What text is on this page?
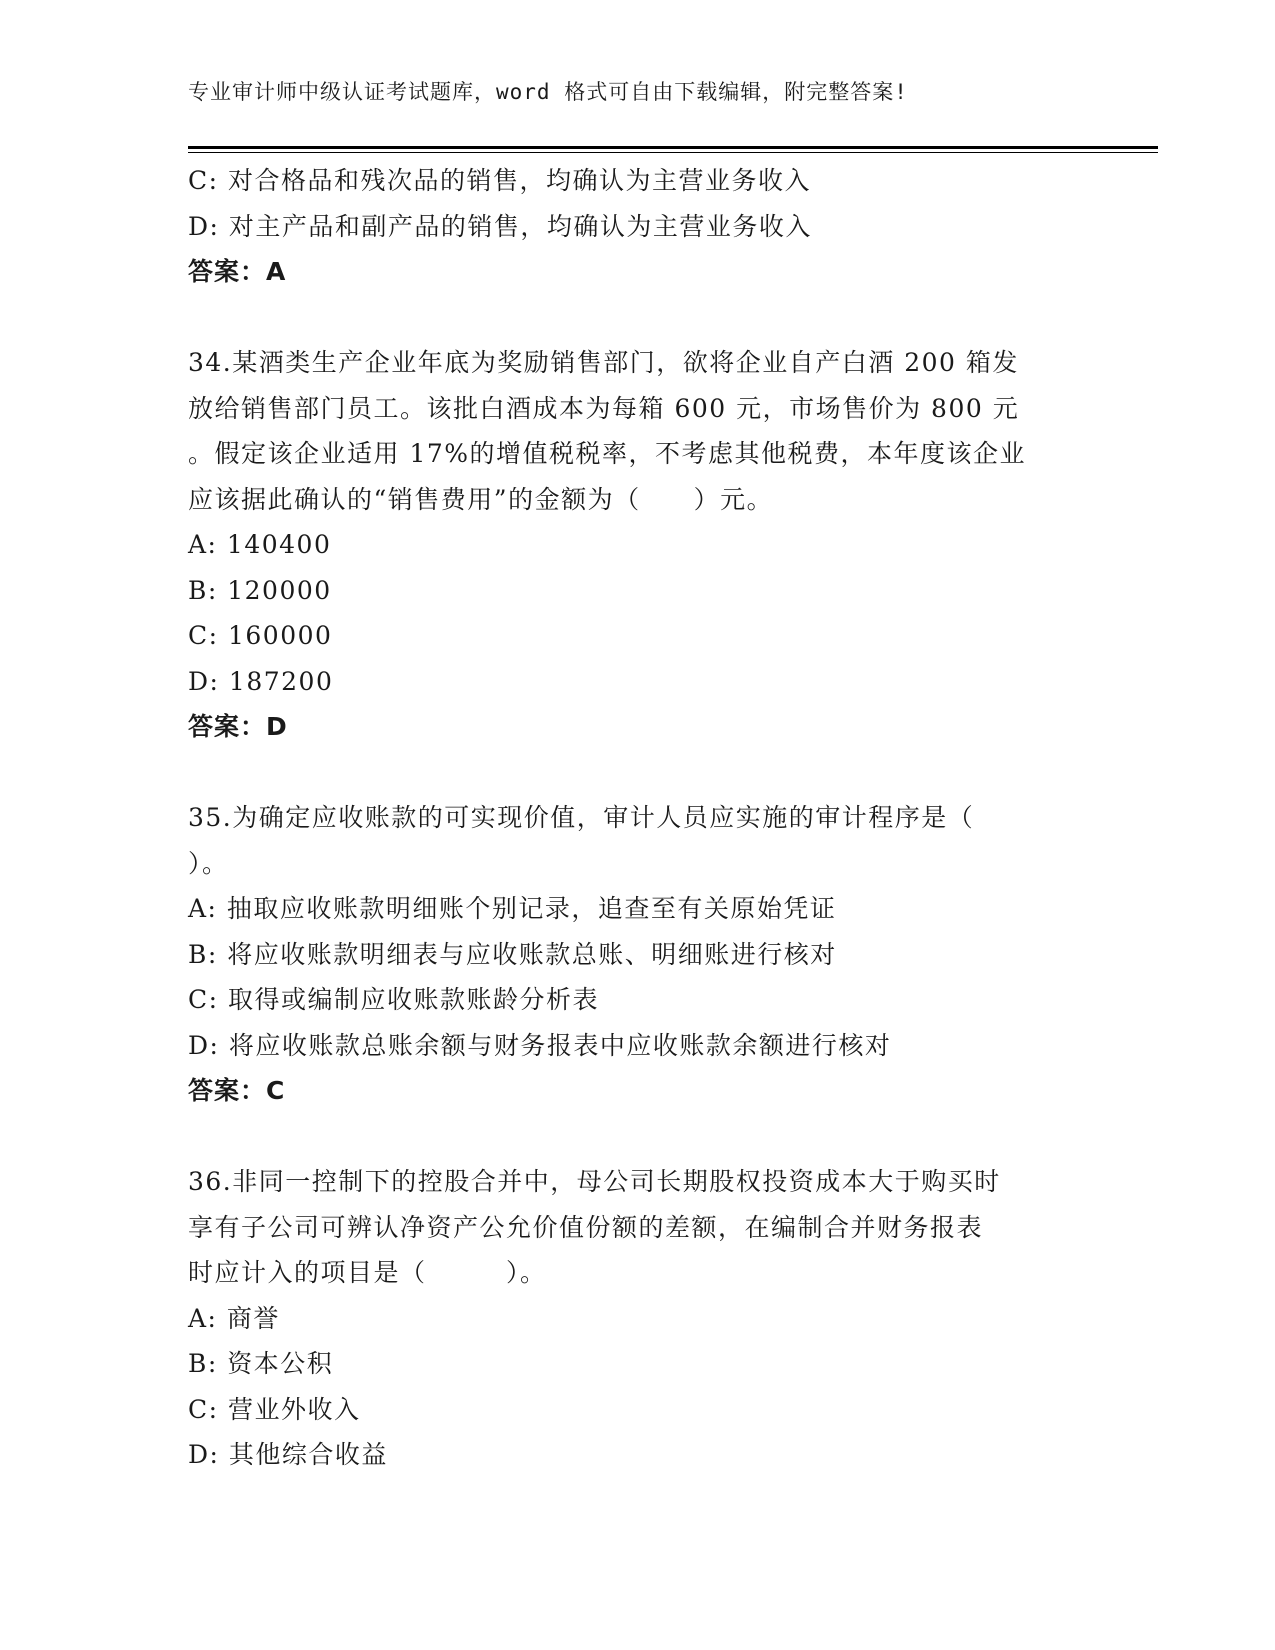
专业审计师中级认证考试题库，word 格式可自由下载编辑，附完整答案!
C: 对合格品和残次品的销售，均确认为主营业务收入
D: 对主产品和副产品的销售，均确认为主营业务收入
答案：A
34.某酒类生产企业年底为奖励销售部门，欲将企业自产白酒 200 箱发
放给销售部门员工。该批白酒成本为每箱 600 元，市场售价为 800 元
。假定该企业适用 17%的增值税税率，不考虑其他税费，本年度该企业
应该据此确认的“销售费用”的金额为（　　）元。
A: 140400
B: 120000
C: 160000
D: 187200
答案：D
35.为确定应收账款的可实现价值，审计人员应实施的审计程序是（
）。
A: 抽取应收账款明细账个别记录，追查至有关原始凭证
B: 将应收账款明细表与应收账款总账、明细账进行核对
C: 取得或编制应收账款账龄分析表
D: 将应收账款总账余额与财务报表中应收账款余额进行核对
答案：C
36.非同一控制下的控股合并中，母公司长期股权投资成本大于购买时
享有子公司可辨认净资产公允价值份额的差额，在编制合并财务报表
时应计入的项目是（　　　）。
A: 商誉
B: 资本公积
C: 营业外收入
D: 其他综合收益
